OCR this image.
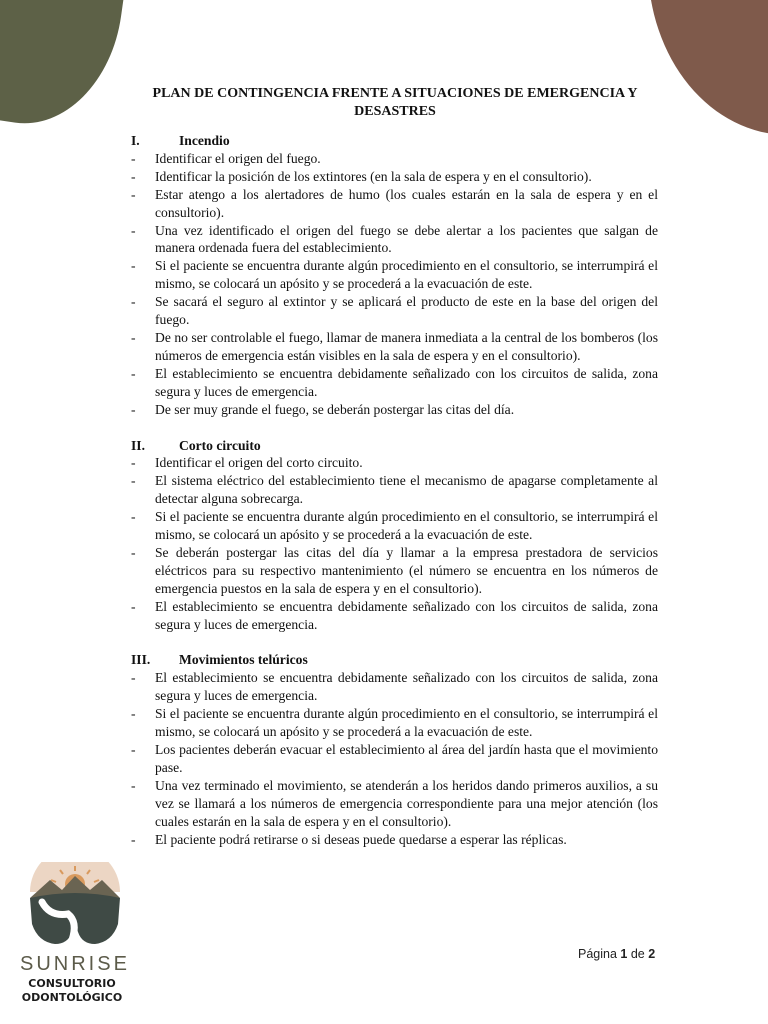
PLAN DE CONTINGENCIA FRENTE A SITUACIONES DE EMERGENCIA Y DESASTRES
I.	Incendio
-	Identificar el origen del fuego.
-	Identificar la posición de los extintores (en la sala de espera y en el consultorio).
-	Estar atengo a los alertadores de humo (los cuales estarán en la sala de espera y en el consultorio).
-	Una vez identificado el origen del fuego se debe alertar a los pacientes que salgan de manera ordenada fuera del establecimiento.
-	Si el paciente se encuentra durante algún procedimiento en el consultorio, se interrumpirá el mismo, se colocará un apósito y se procederá a la evacuación de este.
-	Se sacará el seguro al extintor y se aplicará el producto de este en la base del origen del fuego.
-	De no ser controlable el fuego, llamar de manera inmediata a la central de los bomberos (los números de emergencia están visibles en la sala de espera y en el consultorio).
-	El establecimiento se encuentra debidamente señalizado con los circuitos de salida, zona segura y luces de emergencia.
-	De ser muy grande el fuego, se deberán postergar las citas del día.
II.	Corto circuito
-	Identificar el origen del corto circuito.
-	El sistema eléctrico del establecimiento tiene el mecanismo de apagarse completamente al detectar alguna sobrecarga.
-	Si el paciente se encuentra durante algún procedimiento en el consultorio, se interrumpirá el mismo, se colocará un apósito y se procederá a la evacuación de este.
-	Se deberán postergar las citas del día y llamar a la empresa prestadora de servicios eléctricos para su respectivo mantenimiento (el número se encuentra en los números de emergencia puestos en la sala de espera y en el consultorio).
-	El establecimiento se encuentra debidamente señalizado con los circuitos de salida, zona segura y luces de emergencia.
III.	Movimientos telúricos
-	El establecimiento se encuentra debidamente señalizado con los circuitos de salida, zona segura y luces de emergencia.
-	Si el paciente se encuentra durante algún procedimiento en el consultorio, se interrumpirá el mismo, se colocará un apósito y se procederá a la evacuación de este.
-	Los pacientes deberán evacuar el establecimiento al área del jardín hasta que el movimiento pase.
-	Una vez terminado el movimiento, se atenderán a los heridos dando primeros auxilios, a su vez se llamará a los números de emergencia correspondiente para una mejor atención (los cuales estarán en la sala de espera y en el consultorio).
-	El paciente podrá retirarse o si deseas puede quedarse a esperar las réplicas.
Página 1 de 2
SUNRISE
CONSULTORIO
ODONTOLÓGICO
